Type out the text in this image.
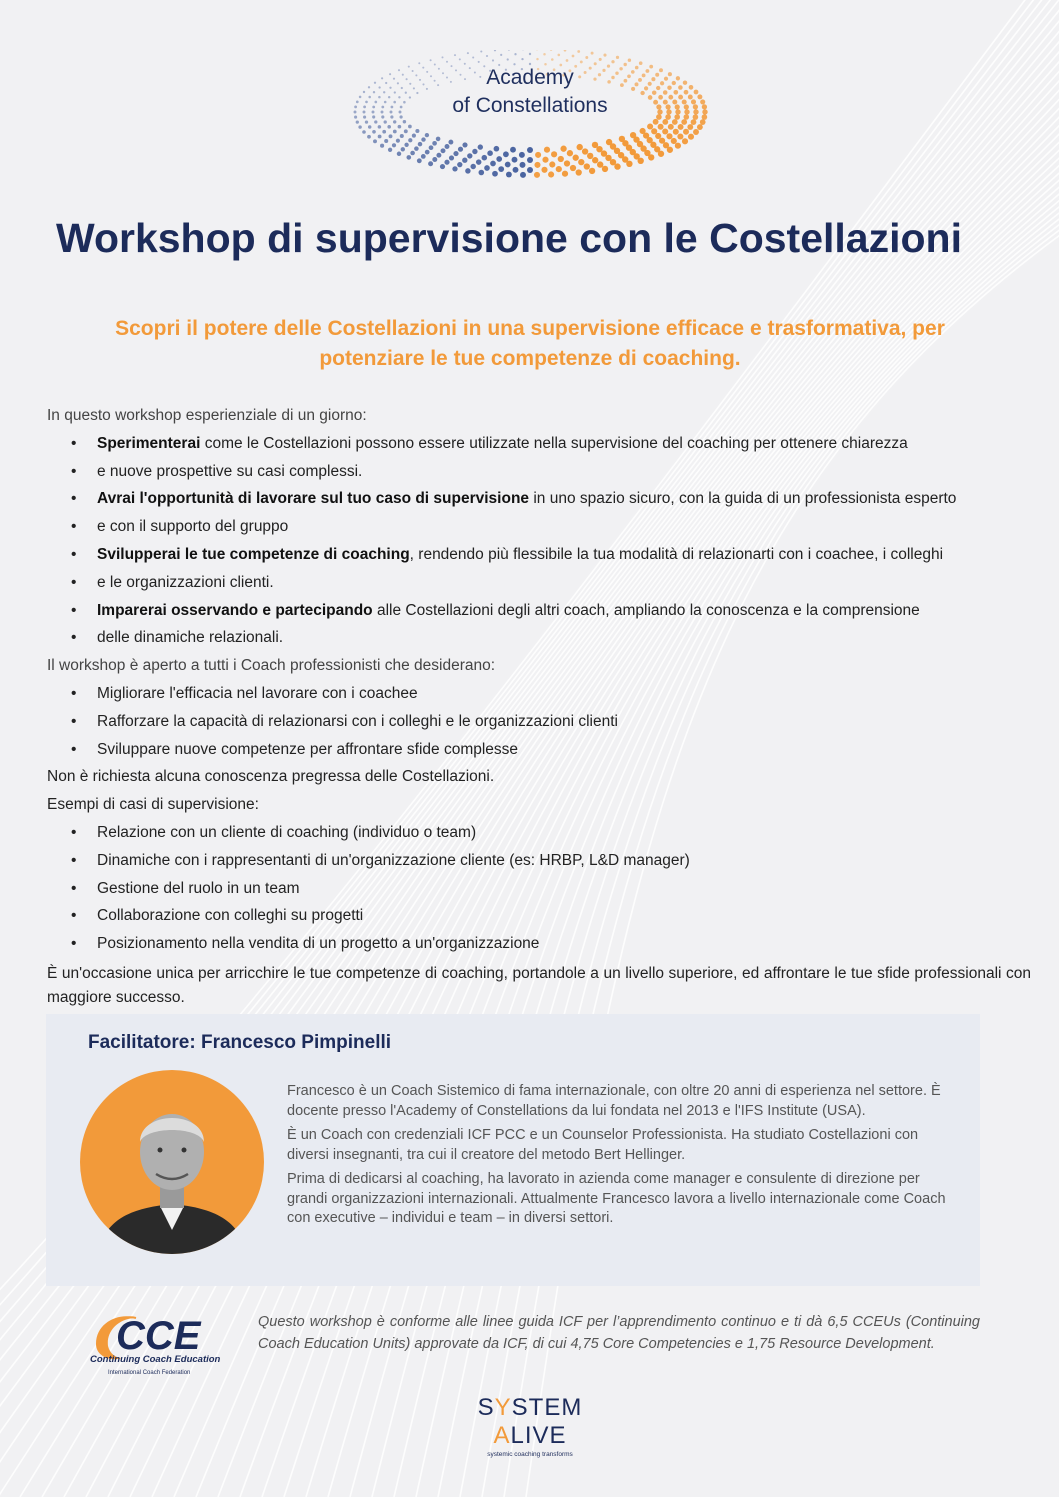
Academy
of Constellations
Workshop di supervisione con le Costellazioni

Scopri il potere delle Costellazioni in una supervisione efficace e trasformativa, per potenziare le tue competenze di coaching.

In questo workshop esperienziale di un giorno:
• Sperimenterai come le Costellazioni possono essere utilizzate nella supervisione del coaching per ottenere chiarezza
• e nuove prospettive su casi complessi.
• Avrai l'opportunità di lavorare sul tuo caso di supervisione in uno spazio sicuro, con la guida di un professionista esperto
• e con il supporto del gruppo
• Svilupperai le tue competenze di coaching, rendendo più flessibile la tua modalità di relazionarti con i coachee, i colleghi
• e le organizzazioni clienti.
• Imparerai osservando e partecipando alle Costellazioni degli altri coach, ampliando la conoscenza e la comprensione
• delle dinamiche relazionali.
Il workshop è aperto a tutti i Coach professionisti che desiderano:
• Migliorare l'efficacia nel lavorare con i coachee
• Rafforzare la capacità di relazionarsi con i colleghi e le organizzazioni clienti
• Sviluppare nuove competenze per affrontare sfide complesse
Non è richiesta alcuna conoscenza pregressa delle Costellazioni.
Esempi di casi di supervisione:
• Relazione con un cliente di coaching (individuo o team)
• Dinamiche con i rappresentanti di un'organizzazione cliente (es: HRBP, L&D manager)
• Gestione del ruolo in un team
• Collaborazione con colleghi su progetti
• Posizionamento nella vendita di un progetto a un'organizzazione
È un'occasione unica per arricchire le tue competenze di coaching, portandole a un livello superiore, ed affrontare le tue sfide professionali con maggiore successo.
Facilitatore: Francesco Pimpinelli

Francesco è un Coach Sistemico di fama internazionale, con oltre 20 anni di esperienza nel settore. È docente presso l'Academy of Constellations da lui fondata nel 2013 e l'IFS Institute (USA).

È un Coach con credenziali ICF PCC e un Counselor Professionista. Ha studiato Costellazioni con diversi insegnanti, tra cui il creatore del metodo Bert Hellinger.

Prima di dedicarsi al coaching, ha lavorato in azienda come manager e consulente di direzione per grandi organizzazioni internazionali. Attualmente Francesco lavora a livello internazionale come Coach con executive – individui e team – in diversi settori.

CCE
Continuing Coach Education
International Coach Federation
Questo workshop è conforme alle linee guida ICF per l’apprendimento continuo e ti dà 6,5 CCEUs (Continuing Coach Education Units) approvate da ICF, di cui 4,75 Core Competencies e 1,75 Resource Development.
SYSTEM
ALIVE
systemic coaching transforms
